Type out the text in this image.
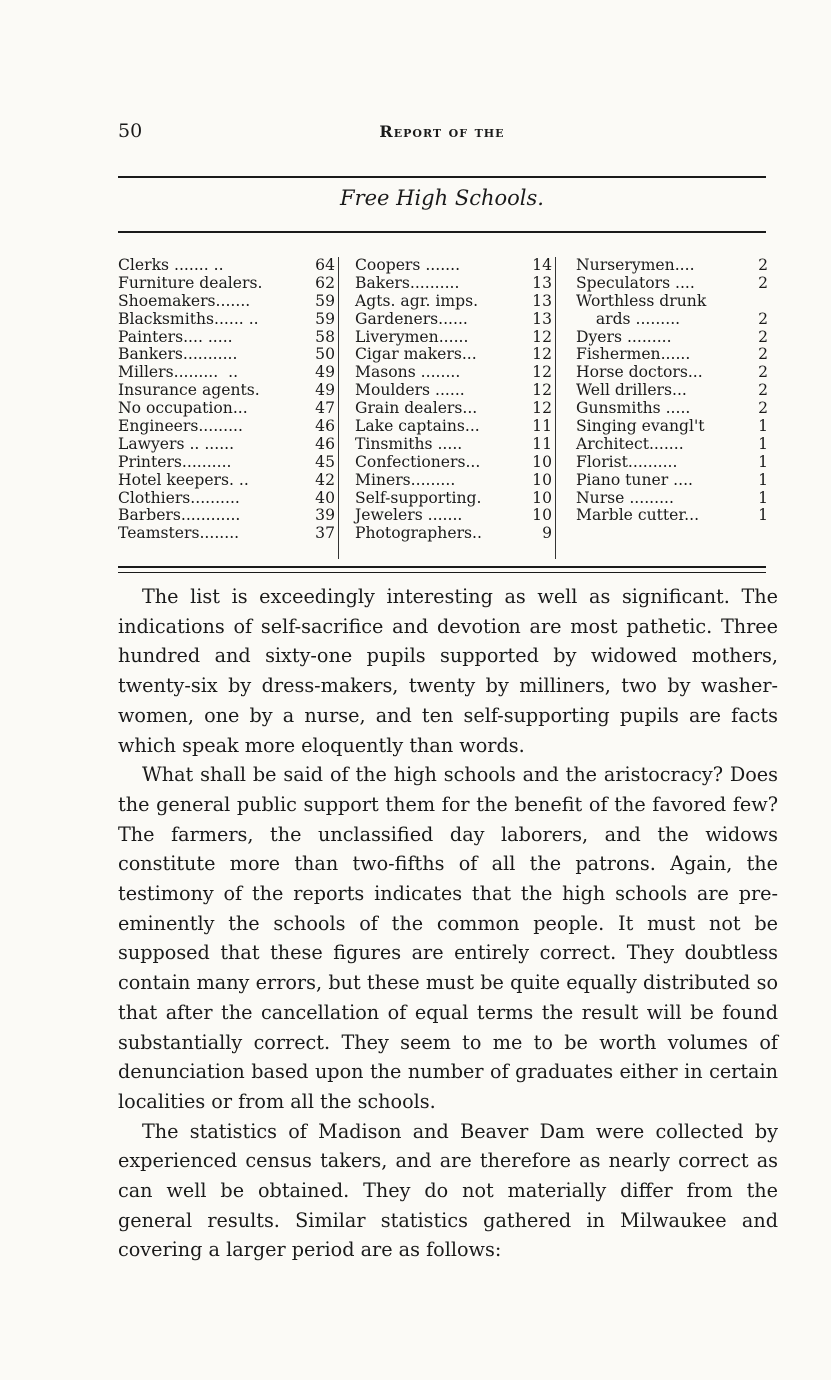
50	Report of the
Free High Schools.
Clerks ....... ..	64
Furniture dealers.	62
Shoemakers.......	59
Blacksmiths...... ..	59
Painters.... .....	58
Bankers...........	50
Millers.........  ..	49
Insurance agents.	49
No occupation...	47
Engineers.........	46
Lawyers .. ......	46
Printers..........	45
Hotel keepers. ..	42
Clothiers..........	40
Barbers............	39
Teamsters........	37
Coopers .......	14
Bakers..........	13
Agts. agr. imps.	13
Gardeners......	13
Liverymen......	12
Cigar makers...	12
Masons ........	12
Moulders ......	12
Grain dealers...	12
Lake captains...	11
Tinsmiths .....	11
Confectioners...	10
Miners.........	10
Self-supporting.	10
Jewelers .......	10
Photographers..	9
Nurserymen....	2
Speculators ....	2
Worthless drunk
ards .........	2
Dyers .........	2
Fishermen......	2
Horse doctors...	2
Well drillers...	2
Gunsmiths .....	2
Singing evangl't	1
Architect.......	1
Florist..........	1
Piano tuner ....	1
Nurse .........	1
Marble cutter...	1

The list is exceedingly interesting as well as significant. The indications of self-sacrifice and devotion are most pathetic. Three hundred and sixty-one pupils supported by widowed mothers, twenty-six by dress-makers, twenty by milliners, two by washer-women, one by a nurse, and ten self-supporting pupils are facts which speak more eloquently than words.

What shall be said of the high schools and the aristocracy? Does the general public support them for the benefit of the favored few? The farmers, the unclassified day laborers, and the widows constitute more than two-fifths of all the patrons. Again, the testimony of the reports indicates that the high schools are pre-eminently the schools of the common people. It must not be supposed that these figures are entirely correct. They doubtless contain many errors, but these must be quite equally distributed so that after the cancellation of equal terms the result will be found substantially correct. They seem to me to be worth volumes of denunciation based upon the number of graduates either in certain localities or from all the schools.

The statistics of Madison and Beaver Dam were collected by experienced census takers, and are therefore as nearly correct as can well be obtained. They do not materially differ from the general results. Similar statistics gathered in Milwaukee and covering a larger period are as follows:
